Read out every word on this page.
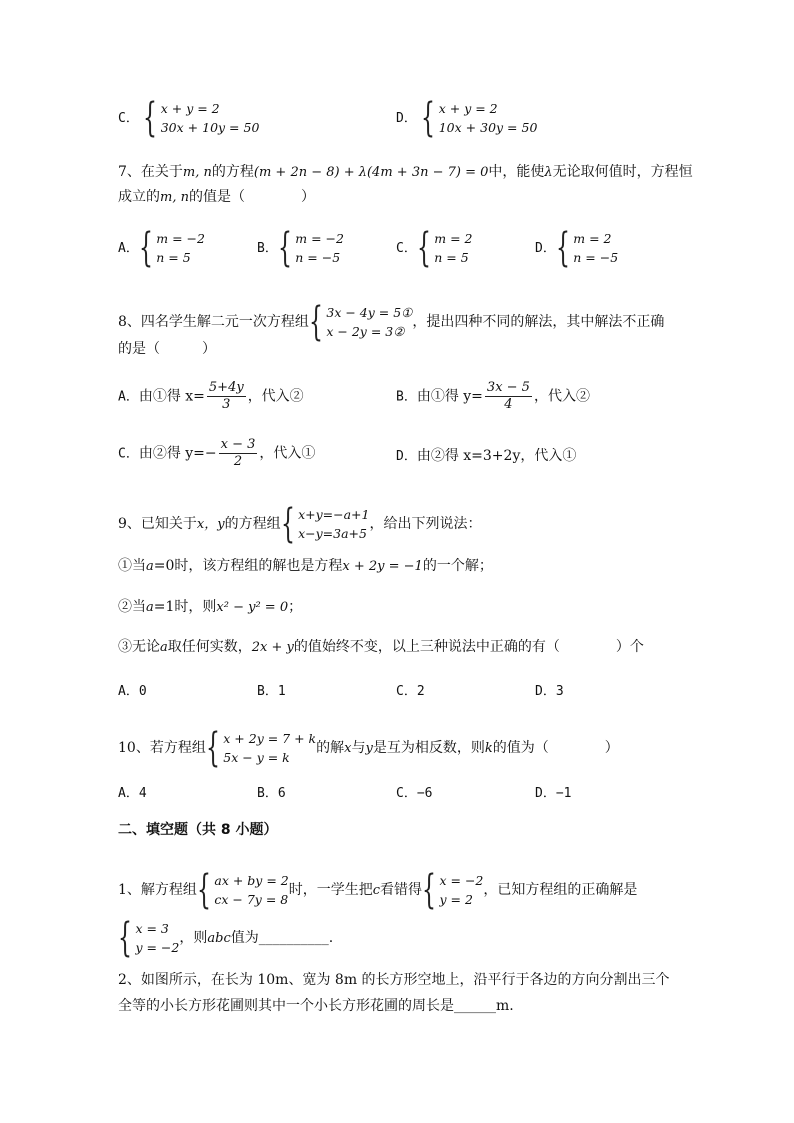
C． { x + y = 2
30x + 10y = 50
D． { x + y = 2
10x + 30y = 50
7、在关于m, n的方程(m + 2n − 8) + λ(4m + 3n − 7) = 0中，能使λ无论取何值时，方程恒
成立的m, n的值是（　　　　）
A． { m = −2
n = 5
B． { m = −2
n = −5
C． { m = 2
n = 5
D． { m = 2
n = −5
8、四名学生解二元一次方程组 { 3x − 4y = 5①
x − 2y = 3②
，提出四种不同的解法，其中解法不正确
的是（　　　）
A．由①得 $x= \frac{5+4y}{3}$ ，代入②	B．由①得 $y= \frac{3x - 5}{4}$ ，代入②
C．由②得 $y=- \frac{x - 3}{2}$ ，代入①	D．由②得 x=3+2y，代入①
9、已知关于x，y的方程组 { x+y=−a+1
x−y=3a+5
，给出下列说法：
①当a=0时，该方程组的解也是方程x + 2y = −1的一个解；
②当a=1时，则x² − y² = 0；
③无论a取任何实数，2x + y的值始终不变，以上三种说法中正确的有（　　　　）个
A．0	B．1	C．2	D．3
10、若方程组 { x + 2y = 7 + k
5x − y = k
的解x与y是互为相反数，则k的值为（　　　　）
A．4	B．6	C．−6	D．−1
二、填空题（共 8 小题）
1、解方程组 { ax + by = 2
cx − 7y = 8
时，一学生把c看错得 { x = −2
y = 2
，已知方程组的正确解是
{ x = 3
y = −2
，则abc值为__________.
2、如图所示，在长为 10m、宽为 8m 的长方形空地上，沿平行于各边的方向分割出三个
全等的小长方形花圃则其中一个小长方形花圃的周长是______m.
